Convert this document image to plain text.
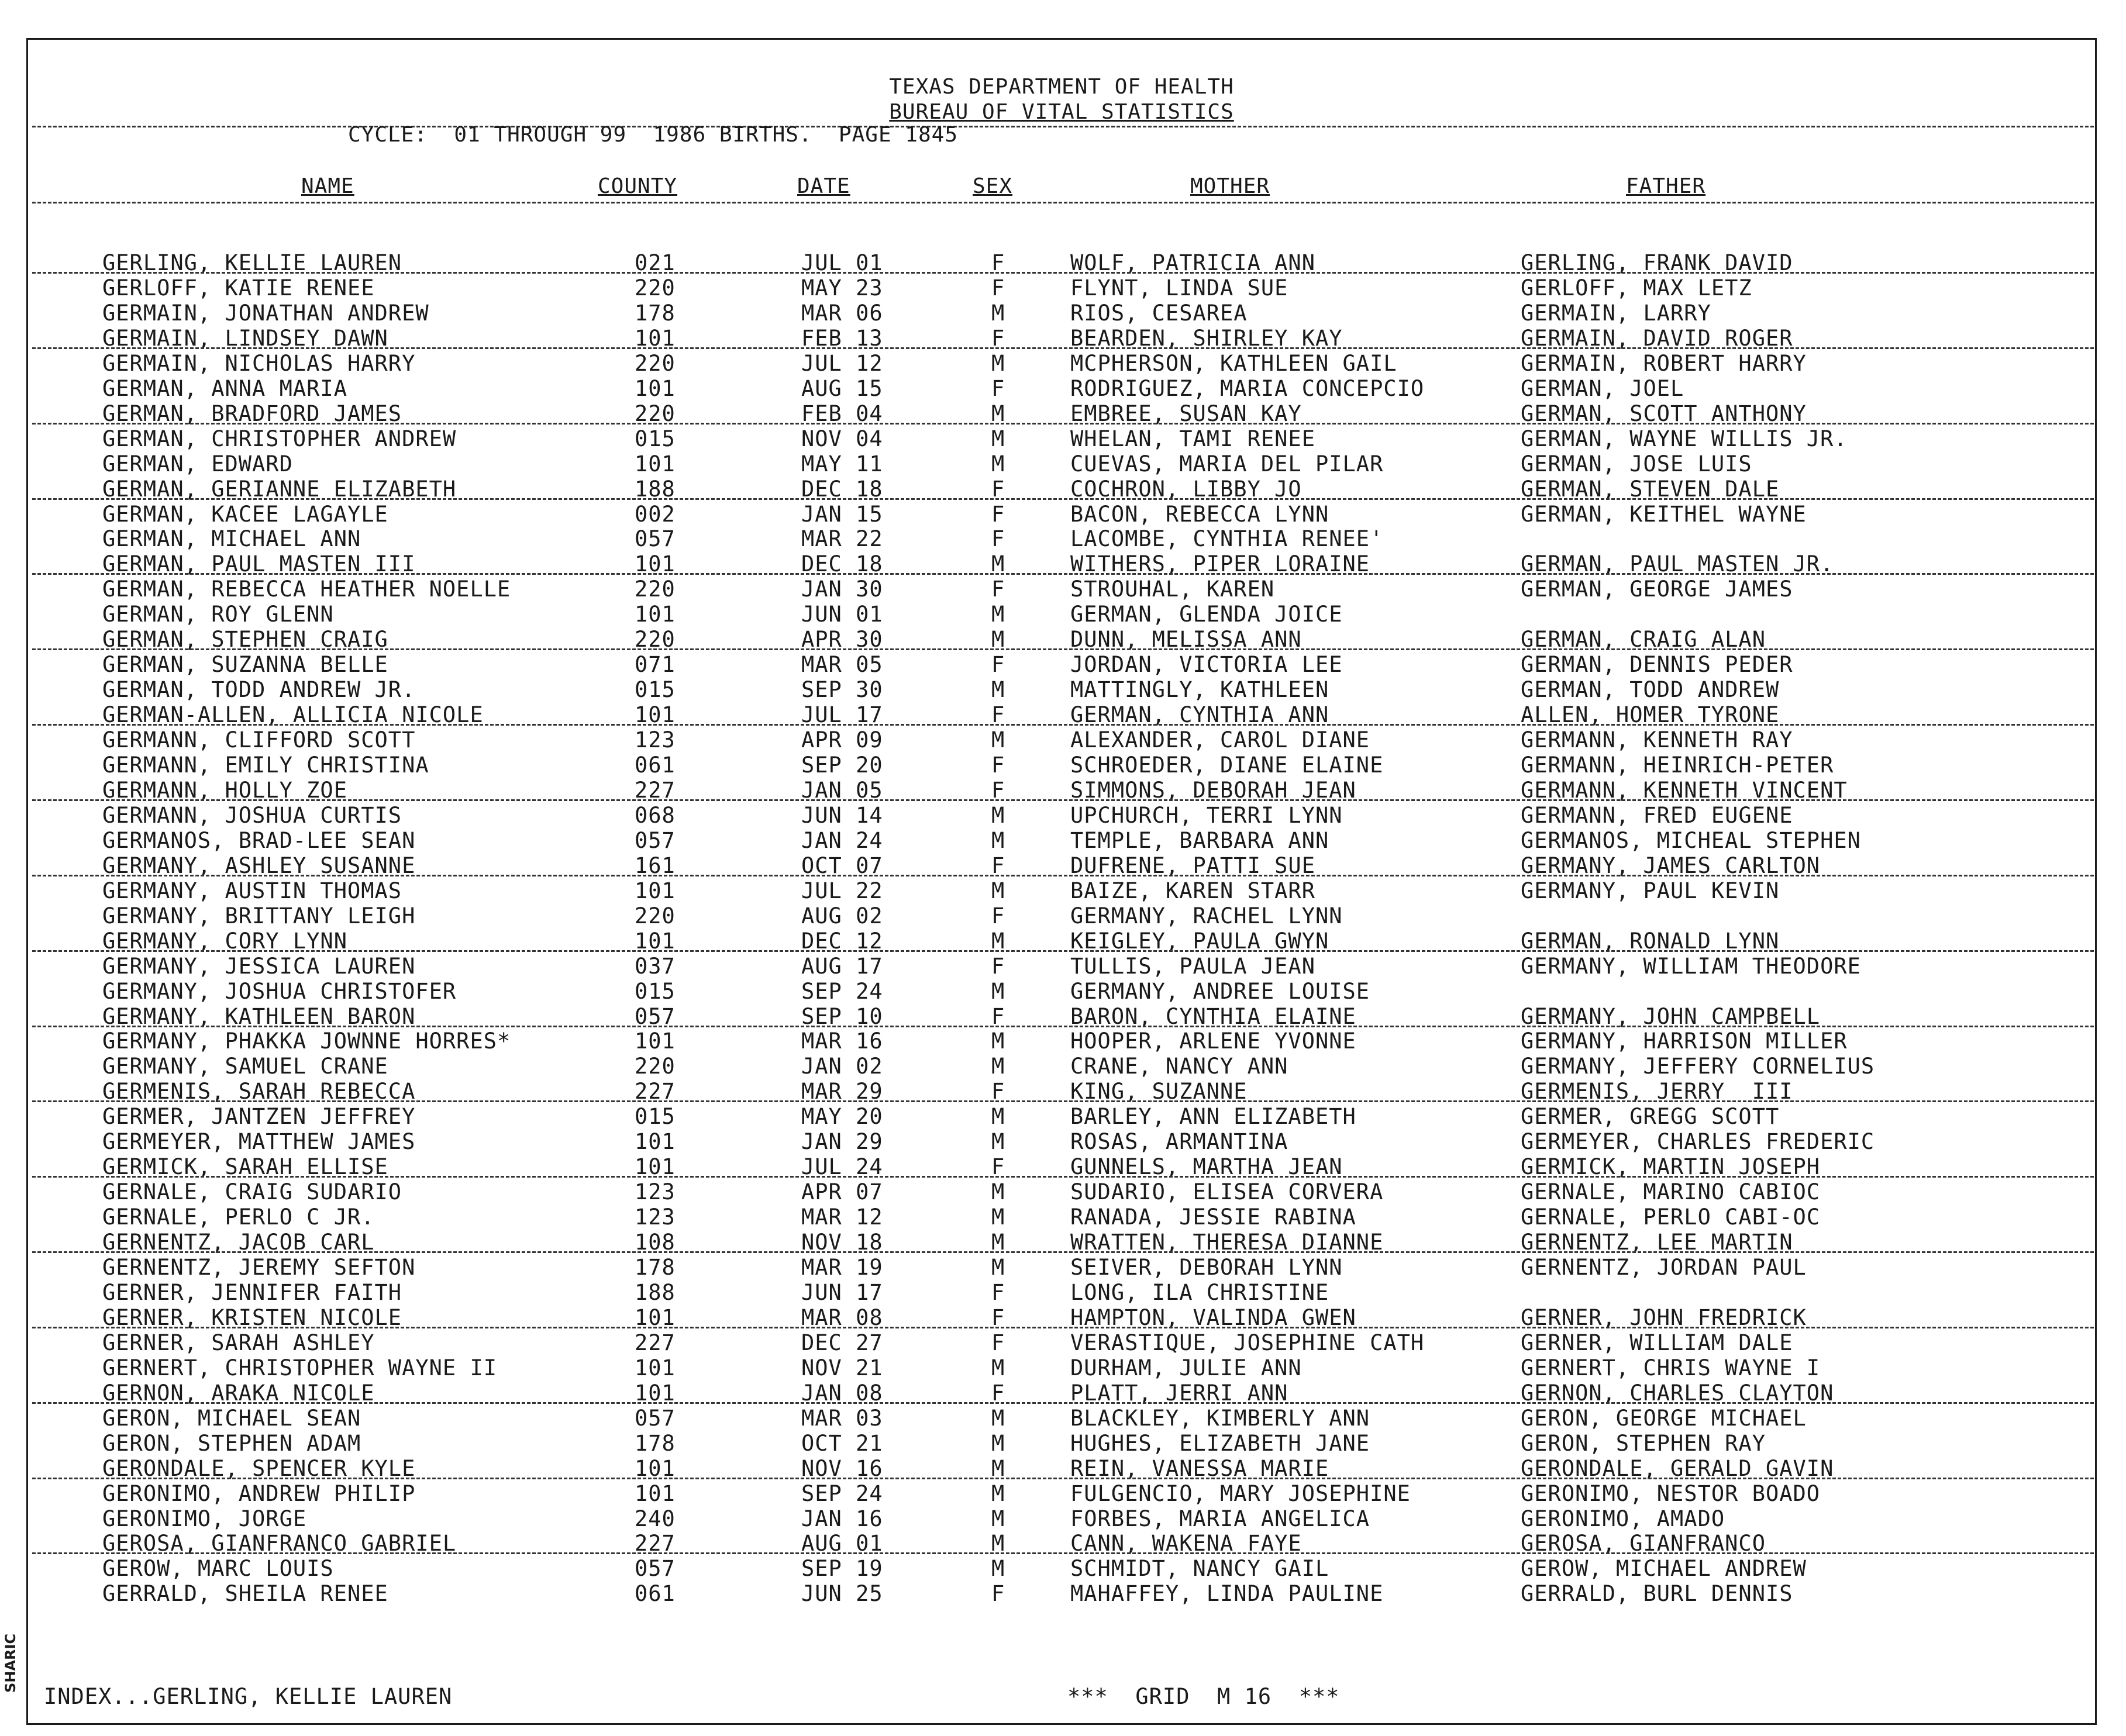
SHARIC
TEXAS DEPARTMENT OF HEALTH
BUREAU OF VITAL STATISTICS
CYCLE:  01 THROUGH 99  1986 BIRTHS.  PAGE 1845
NAME	COUNTY	DATE	SEX	MOTHER	FATHER
GERLING, KELLIE LAUREN	021	JUL 01	F	WOLF, PATRICIA ANN	GERLING, FRANK DAVID
GERLOFF, KATIE RENEE	220	MAY 23	F	FLYNT, LINDA SUE	GERLOFF, MAX LETZ
GERMAIN, JONATHAN ANDREW	178	MAR 06	M	RIOS, CESAREA	GERMAIN, LARRY
GERMAIN, LINDSEY DAWN	101	FEB 13	F	BEARDEN, SHIRLEY KAY	GERMAIN, DAVID ROGER
GERMAIN, NICHOLAS HARRY	220	JUL 12	M	MCPHERSON, KATHLEEN GAIL	GERMAIN, ROBERT HARRY
GERMAN, ANNA MARIA	101	AUG 15	F	RODRIGUEZ, MARIA CONCEPCIO	GERMAN, JOEL
GERMAN, BRADFORD JAMES	220	FEB 04	M	EMBREE, SUSAN KAY	GERMAN, SCOTT ANTHONY
GERMAN, CHRISTOPHER ANDREW	015	NOV 04	M	WHELAN, TAMI RENEE	GERMAN, WAYNE WILLIS JR.
GERMAN, EDWARD	101	MAY 11	M	CUEVAS, MARIA DEL PILAR	GERMAN, JOSE LUIS
GERMAN, GERIANNE ELIZABETH	188	DEC 18	F	COCHRON, LIBBY JO	GERMAN, STEVEN DALE
GERMAN, KACEE LAGAYLE	002	JAN 15	F	BACON, REBECCA LYNN	GERMAN, KEITHEL WAYNE
GERMAN, MICHAEL ANN	057	MAR 22	F	LACOMBE, CYNTHIA RENEE'
GERMAN, PAUL MASTEN III	101	DEC 18	M	WITHERS, PIPER LORAINE	GERMAN, PAUL MASTEN JR.
GERMAN, REBECCA HEATHER NOELLE	220	JAN 30	F	STROUHAL, KAREN	GERMAN, GEORGE JAMES
GERMAN, ROY GLENN	101	JUN 01	M	GERMAN, GLENDA JOICE
GERMAN, STEPHEN CRAIG	220	APR 30	M	DUNN, MELISSA ANN	GERMAN, CRAIG ALAN
GERMAN, SUZANNA BELLE	071	MAR 05	F	JORDAN, VICTORIA LEE	GERMAN, DENNIS PEDER
GERMAN, TODD ANDREW JR.	015	SEP 30	M	MATTINGLY, KATHLEEN	GERMAN, TODD ANDREW
GERMAN-ALLEN, ALLICIA NICOLE	101	JUL 17	F	GERMAN, CYNTHIA ANN	ALLEN, HOMER TYRONE
GERMANN, CLIFFORD SCOTT	123	APR 09	M	ALEXANDER, CAROL DIANE	GERMANN, KENNETH RAY
GERMANN, EMILY CHRISTINA	061	SEP 20	F	SCHROEDER, DIANE ELAINE	GERMANN, HEINRICH-PETER
GERMANN, HOLLY ZOE	227	JAN 05	F	SIMMONS, DEBORAH JEAN	GERMANN, KENNETH VINCENT
GERMANN, JOSHUA CURTIS	068	JUN 14	M	UPCHURCH, TERRI LYNN	GERMANN, FRED EUGENE
GERMANOS, BRAD-LEE SEAN	057	JAN 24	M	TEMPLE, BARBARA ANN	GERMANOS, MICHEAL STEPHEN
GERMANY, ASHLEY SUSANNE	161	OCT 07	F	DUFRENE, PATTI SUE	GERMANY, JAMES CARLTON
GERMANY, AUSTIN THOMAS	101	JUL 22	M	BAIZE, KAREN STARR	GERMANY, PAUL KEVIN
GERMANY, BRITTANY LEIGH	220	AUG 02	F	GERMANY, RACHEL LYNN
GERMANY, CORY LYNN	101	DEC 12	M	KEIGLEY, PAULA GWYN	GERMAN, RONALD LYNN
GERMANY, JESSICA LAUREN	037	AUG 17	F	TULLIS, PAULA JEAN	GERMANY, WILLIAM THEODORE
GERMANY, JOSHUA CHRISTOFER	015	SEP 24	M	GERMANY, ANDREE LOUISE
GERMANY, KATHLEEN BARON	057	SEP 10	F	BARON, CYNTHIA ELAINE	GERMANY, JOHN CAMPBELL
GERMANY, PHAKKA JOWNNE HORRES*	101	MAR 16	M	HOOPER, ARLENE YVONNE	GERMANY, HARRISON MILLER
GERMANY, SAMUEL CRANE	220	JAN 02	M	CRANE, NANCY ANN	GERMANY, JEFFERY CORNELIUS
GERMENIS, SARAH REBECCA	227	MAR 29	F	KING, SUZANNE	GERMENIS, JERRY  III
GERMER, JANTZEN JEFFREY	015	MAY 20	M	BARLEY, ANN ELIZABETH	GERMER, GREGG SCOTT
GERMEYER, MATTHEW JAMES	101	JAN 29	M	ROSAS, ARMANTINA	GERMEYER, CHARLES FREDERIC
GERMICK, SARAH ELLISE	101	JUL 24	F	GUNNELS, MARTHA JEAN	GERMICK, MARTIN JOSEPH
GERNALE, CRAIG SUDARIO	123	APR 07	M	SUDARIO, ELISEA CORVERA	GERNALE, MARINO CABIOC
GERNALE, PERLO C JR.	123	MAR 12	M	RANADA, JESSIE RABINA	GERNALE, PERLO CABI-OC
GERNENTZ, JACOB CARL	108	NOV 18	M	WRATTEN, THERESA DIANNE	GERNENTZ, LEE MARTIN
GERNENTZ, JEREMY SEFTON	178	MAR 19	M	SEIVER, DEBORAH LYNN	GERNENTZ, JORDAN PAUL
GERNER, JENNIFER FAITH	188	JUN 17	F	LONG, ILA CHRISTINE
GERNER, KRISTEN NICOLE	101	MAR 08	F	HAMPTON, VALINDA GWEN	GERNER, JOHN FREDRICK
GERNER, SARAH ASHLEY	227	DEC 27	F	VERASTIQUE, JOSEPHINE CATH	GERNER, WILLIAM DALE
GERNERT, CHRISTOPHER WAYNE II	101	NOV 21	M	DURHAM, JULIE ANN	GERNERT, CHRIS WAYNE I
GERNON, ARAKA NICOLE	101	JAN 08	F	PLATT, JERRI ANN	GERNON, CHARLES CLAYTON
GERON, MICHAEL SEAN	057	MAR 03	M	BLACKLEY, KIMBERLY ANN	GERON, GEORGE MICHAEL
GERON, STEPHEN ADAM	178	OCT 21	M	HUGHES, ELIZABETH JANE	GERON, STEPHEN RAY
GERONDALE, SPENCER KYLE	101	NOV 16	M	REIN, VANESSA MARIE	GERONDALE, GERALD GAVIN
GERONIMO, ANDREW PHILIP	101	SEP 24	M	FULGENCIO, MARY JOSEPHINE	GERONIMO, NESTOR BOADO
GERONIMO, JORGE	240	JAN 16	M	FORBES, MARIA ANGELICA	GERONIMO, AMADO
GEROSA, GIANFRANCO GABRIEL	227	AUG 01	M	CANN, WAKENA FAYE	GEROSA, GIANFRANCO
GEROW, MARC LOUIS	057	SEP 19	M	SCHMIDT, NANCY GAIL	GEROW, MICHAEL ANDREW
GERRALD, SHEILA RENEE	061	JUN 25	F	MAHAFFEY, LINDA PAULINE	GERRALD, BURL DENNIS
INDEX...GERLING, KELLIE LAUREN	***  GRID  M 16  ***
